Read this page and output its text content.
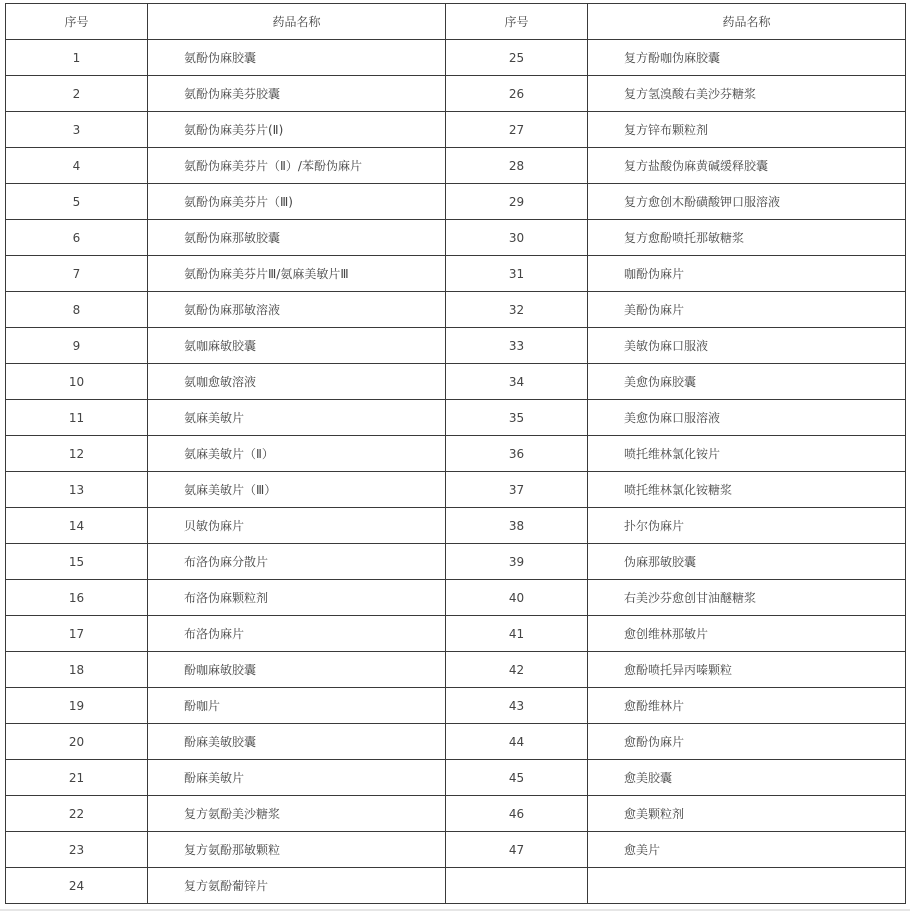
序号	药品名称	序号	药品名称
1	氨酚伪麻胶囊	25	复方酚咖伪麻胶囊
2	氨酚伪麻美芬胶囊	26	复方氢溴酸右美沙芬糖浆
3	氨酚伪麻美芬片(Ⅱ)	27	复方锌布颗粒剂
4	氨酚伪麻美芬片（Ⅱ）/苯酚伪麻片	28	复方盐酸伪麻黄碱缓释胶囊
5	氨酚伪麻美芬片（Ⅲ)	29	复方愈创木酚磺酸钾口服溶液
6	氨酚伪麻那敏胶囊	30	复方愈酚喷托那敏糖浆
7	氨酚伪麻美芬片Ⅲ/氨麻美敏片Ⅲ	31	咖酚伪麻片
8	氨酚伪麻那敏溶液	32	美酚伪麻片
9	氨咖麻敏胶囊	33	美敏伪麻口服液
10	氨咖愈敏溶液	34	美愈伪麻胶囊
11	氨麻美敏片	35	美愈伪麻口服溶液
12	氨麻美敏片（Ⅱ）	36	喷托维林氯化铵片
13	氨麻美敏片（Ⅲ）	37	喷托维林氯化铵糖浆
14	贝敏伪麻片	38	扑尔伪麻片
15	布洛伪麻分散片	39	伪麻那敏胶囊
16	布洛伪麻颗粒剂	40	右美沙芬愈创甘油醚糖浆
17	布洛伪麻片	41	愈创维林那敏片
18	酚咖麻敏胶囊	42	愈酚喷托异丙嗪颗粒
19	酚咖片	43	愈酚维林片
20	酚麻美敏胶囊	44	愈酚伪麻片
21	酚麻美敏片	45	愈美胶囊
22	复方氨酚美沙糖浆	46	愈美颗粒剂
23	复方氨酚那敏颗粒	47	愈美片
24	复方氨酚葡锌片		
